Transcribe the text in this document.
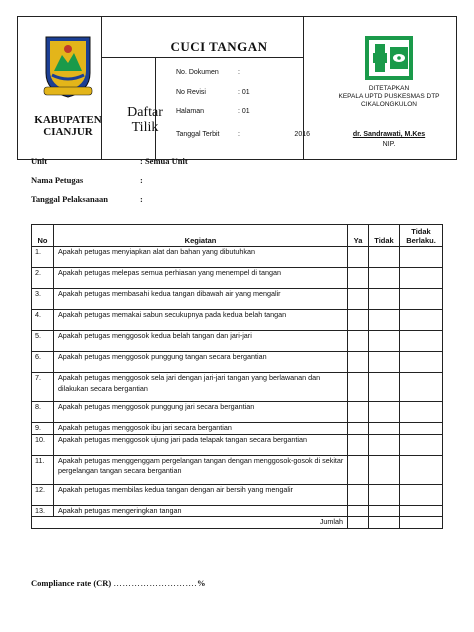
KABUPATEN
CIANJUR
CUCI TANGAN
Daftar
Tilik
No. Dokumen	:
No Revisi	: 01
Halaman	: 01
Tanggal Terbit	:	2016
DITETAPKAN
KEPALA UPTD PUSKESMAS DTP
CIKALONGKULON
dr. Sandrawati, M.Kes
NIP.
Unit	: Semua Unit
Nama Petugas	:
Tanggal Pelaksanaan	:
No	Kegiatan	Ya	Tidak	Tidak Berlaku.
1.	Apakah petugas menyiapkan alat dan bahan yang dibutuhkan			
2.	Apakah petugas melepas semua perhiasan yang menempel di tangan			
3.	Apakah petugas membasahi kedua tangan dibawah air yang mengalir			
4.	Apakah petugas memakai sabun secukupnya pada kedua belah tangan			
5.	Apakah petugas menggosok kedua belah tangan dan jari-jari			
6.	Apakah petugas menggosok punggung tangan secara bergantian			
7.	Apakah petugas menggosok sela jari dengan jari-jari tangan yang berlawanan dan dilakukan secara bergantian			
8.	Apakah petugas menggosok punggung jari secara bergantian			
9.	Apakah petugas menggosok ibu jari secara bergantian			
10.	Apakah petugas menggosok ujung jari pada telapak tangan secara bergantian			
11.	Apakah petugas menggenggam pergelangan tangan dengan menggosok-gosok di sekitar pergelangan tangan secara bergantian			
12.	Apakah petugas membilas kedua tangan dengan air bersih yang mengalir			
13.	Apakah petugas mengeringkan tangan			
Jumlah				
Compliance rate (CR) ……………………….%
